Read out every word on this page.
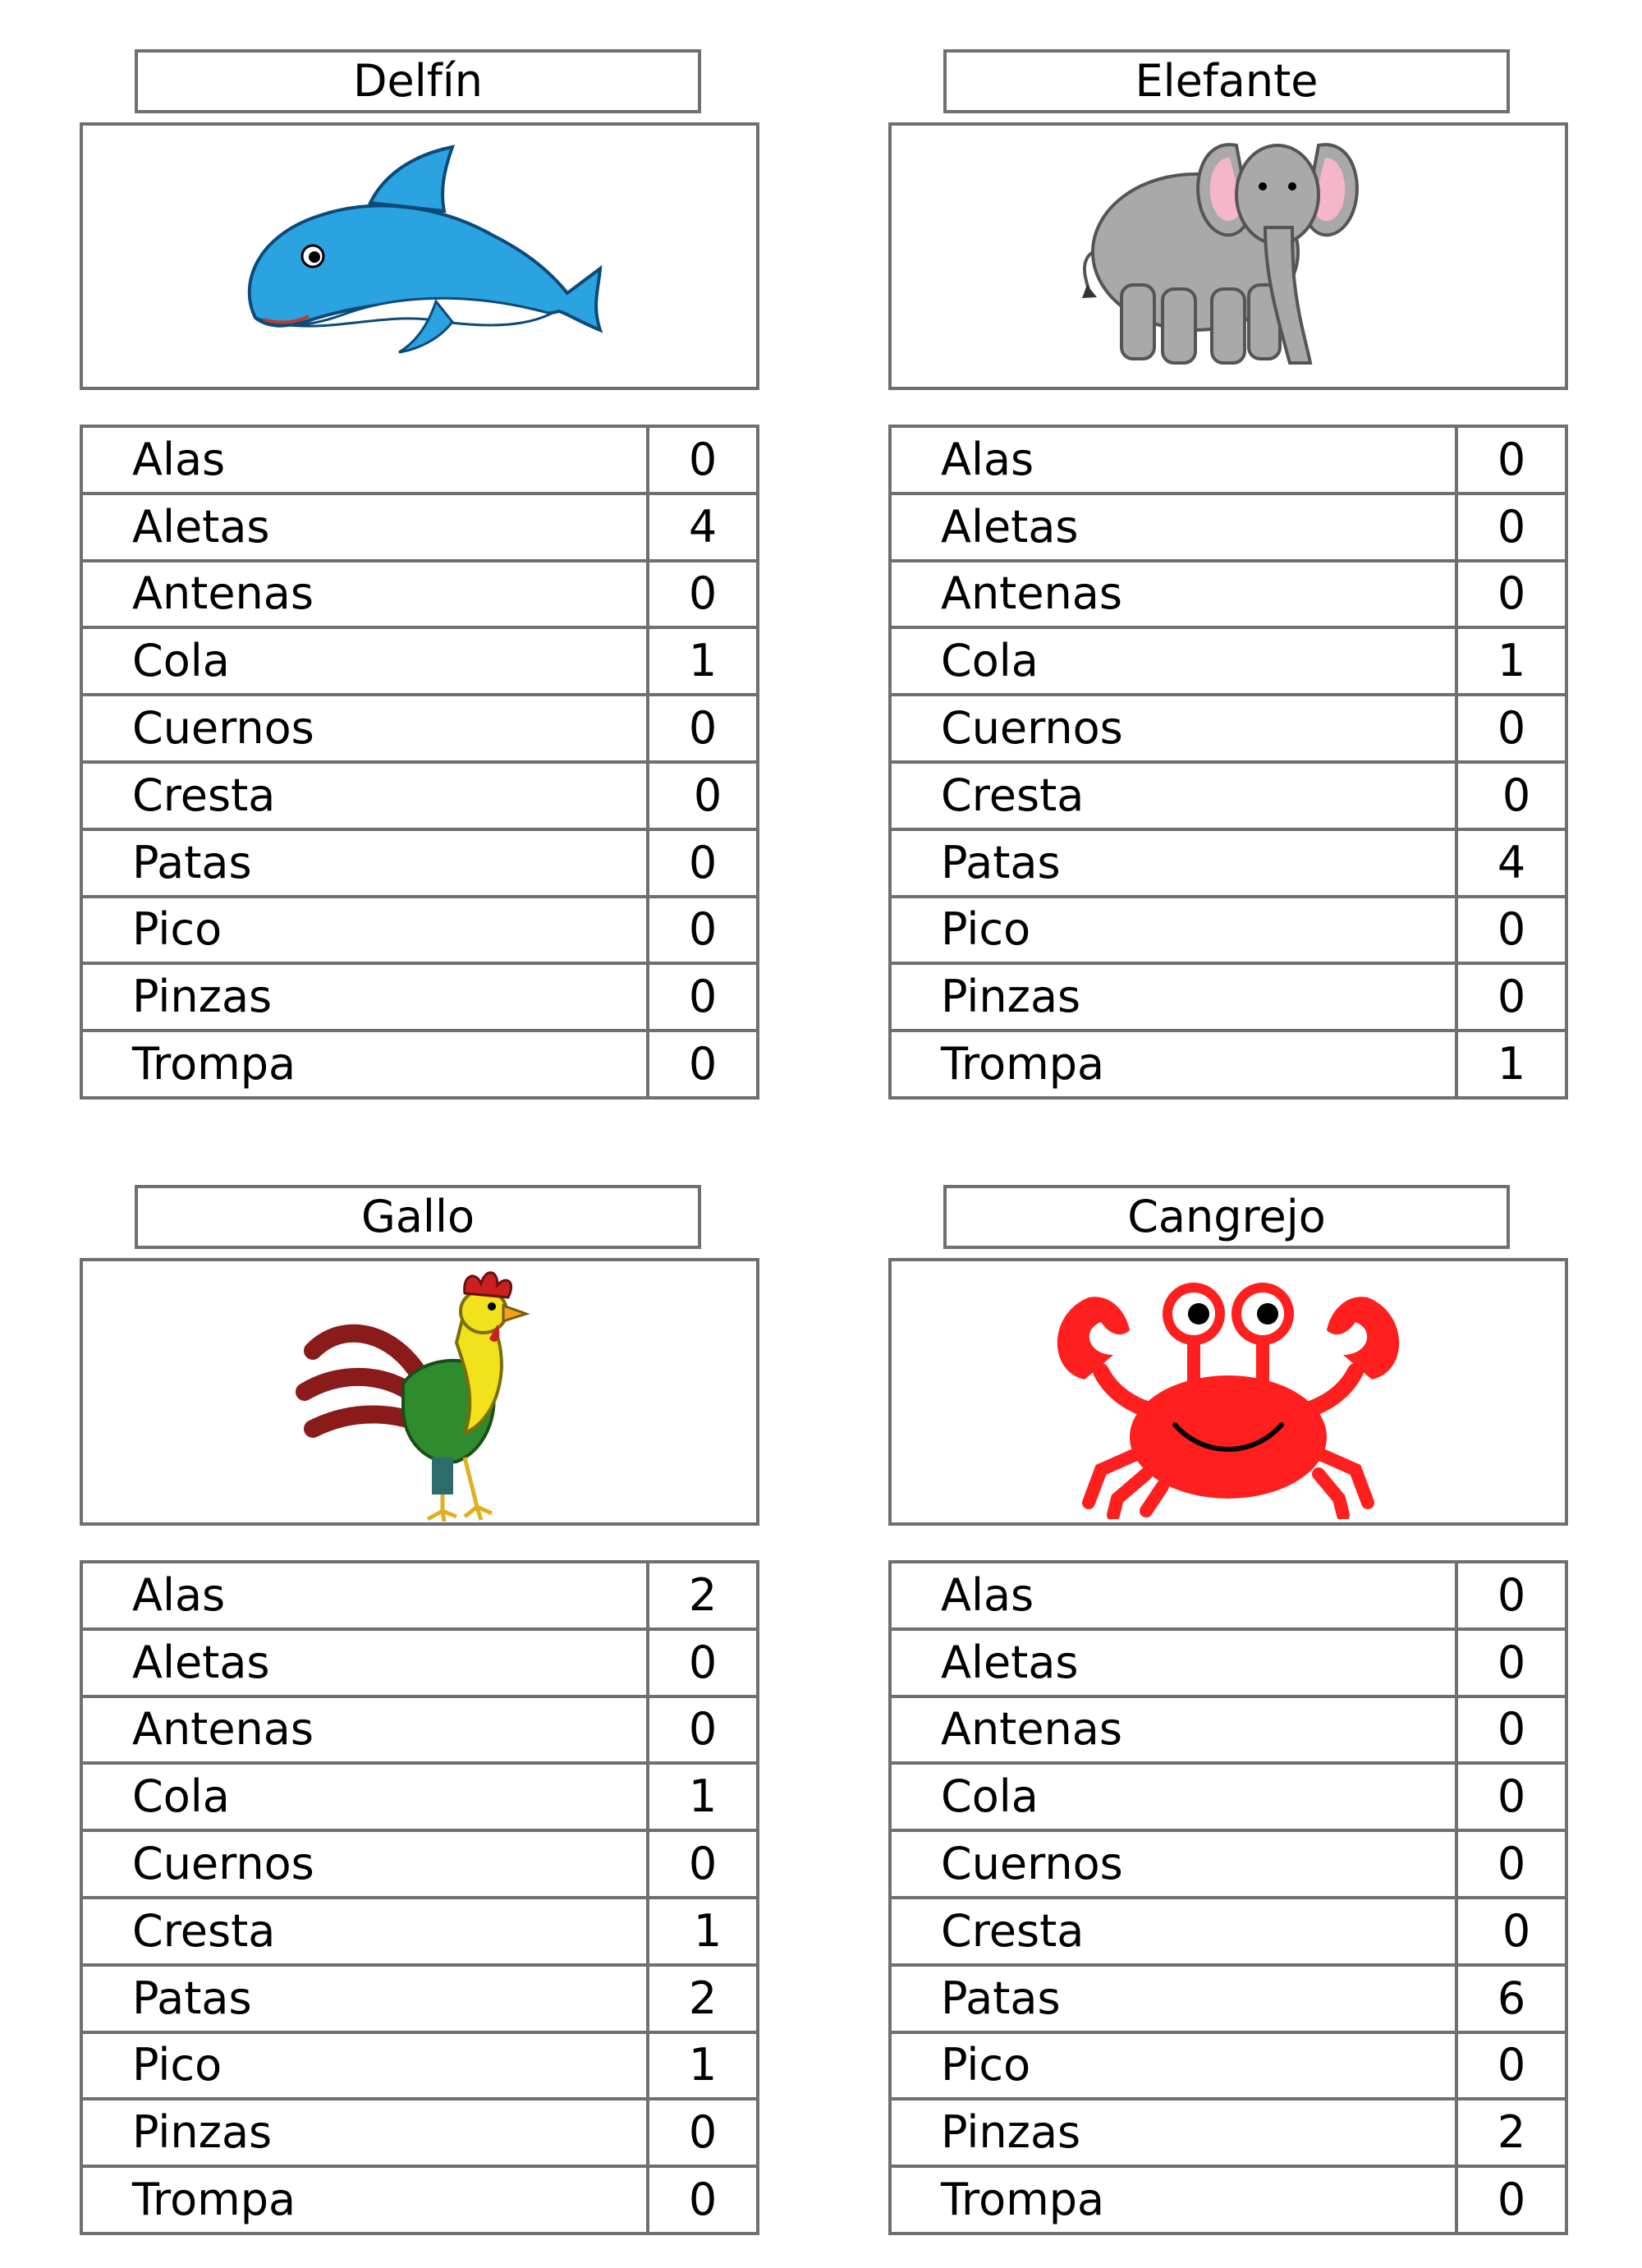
Delfín
Alas	0
Aletas	4
Antenas	0
Cola	1
Cuernos	0
Cresta	0
Patas	0
Pico	0
Pinzas	0
Trompa	0
Elefante
Alas	0
Aletas	0
Antenas	0
Cola	1
Cuernos	0
Cresta	0
Patas	4
Pico	0
Pinzas	0
Trompa	1
Gallo
Alas	2
Aletas	0
Antenas	0
Cola	1
Cuernos	0
Cresta	1
Patas	2
Pico	1
Pinzas	0
Trompa	0
Cangrejo
Alas	0
Aletas	0
Antenas	0
Cola	0
Cuernos	0
Cresta	0
Patas	6
Pico	0
Pinzas	2
Trompa	0
